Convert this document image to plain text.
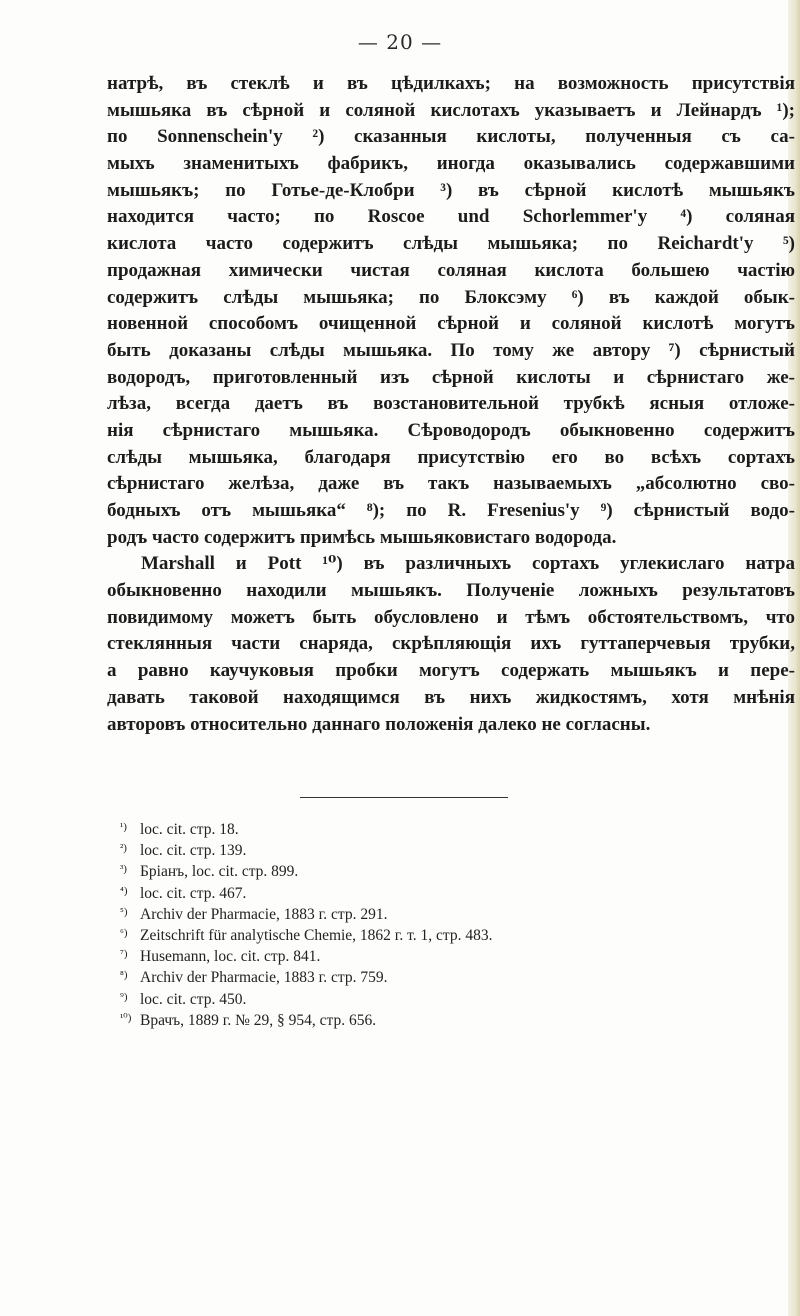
— 20 —
натрѣ, въ стеклѣ и въ цѣдилкахъ; на возможность присутствія
мышьяка въ сѣрной и соляной кислотахъ указываетъ и Лейнардъ ¹);
по Sonnenschein'у ²) сказанныя кислоты, полученныя съ са-
мыхъ знаменитыхъ фабрикъ, иногда оказывались содержавшими
мышьякъ; по Готье-де-Клобри ³) въ сѣрной кислотѣ мышьякъ
находится часто; по Roscoe und Schorlemmer'у ⁴) соляная
кислота часто содержитъ слѣды мышьяка; по Reichardt'у ⁵)
продажная химически чистая соляная кислота большею частію
содержитъ слѣды мышьяка; по Блоксэму ⁶) въ каждой обык-
новенной способомъ очищенной сѣрной и соляной кислотѣ могутъ
быть доказаны слѣды мышьяка. По тому же автору ⁷) сѣрнистый
водородъ, приготовленный изъ сѣрной кислоты и сѣрнистаго же-
лѣза, всегда даетъ въ возстановительной трубкѣ ясныя отложе-
нія сѣрнистаго мышьяка. Сѣроводородъ обыкновенно содержитъ
слѣды мышьяка, благодаря присутствію его во всѣхъ сортахъ
сѣрнистаго желѣза, даже въ такъ называемыхъ „абсолютно сво-
бодныхъ отъ мышьяка“ ⁸); по R. Fresenius'у ⁹) сѣрнистый водо-
родъ часто содержитъ примѣсь мышьяковистаго водорода.
Marshall и Pott ¹⁰) въ различныхъ сортахъ углекислаго натра
обыкновенно находили мышьякъ. Полученіе ложныхъ результатовъ
повидимому можетъ быть обусловлено и тѣмъ обстоятельствомъ, что
стеклянныя части снаряда, скрѣпляющія ихъ гуттаперчевыя трубки,
а равно каучуковыя пробки могутъ содержать мышьякъ и пере-
давать таковой находящимся въ нихъ жидкостямъ, хотя мнѣнія
авторовъ относительно даннаго положенія далеко не согласны.
¹) loc. cit. стр. 18.
²) loc. cit. стр. 139.
³) Бріанъ, loc. cit. стр. 899.
⁴) loc. cit. стр. 467.
⁵) Archiv der Pharmacie, 1883 г. стр. 291.
⁶) Zeitschrift für analytische Chemie, 1862 г. т. 1, стр. 483.
⁷) Husemann, loc. cit. стр. 841.
⁸) Archiv der Pharmacie, 1883 г. стр. 759.
⁹) loc. cit. стр. 450.
¹⁰) Врачъ, 1889 г. № 29, § 954, стр. 656.
